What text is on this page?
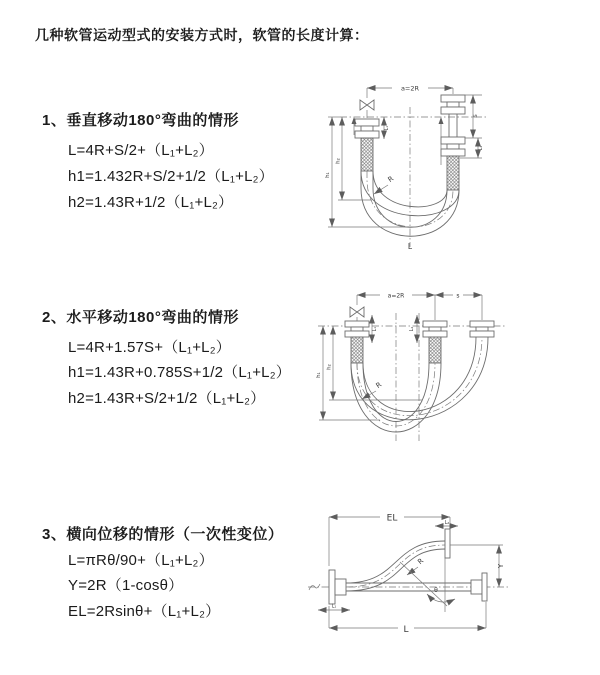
几种软管运动型式的安装方式时，软管的长度计算：
1、垂直移动180°弯曲的情形
L=4R+S/2+（L₁+L₂）
h1=1.432R+S/2+1/2（L₁+L₂）
h2=1.43R+1/2（L₁+L₂）
2、水平移动180°弯曲的情形
L=4R+1.57S+（L₁+L₂）
h1=1.43R+0.785S+1/2（L₁+L₂）
h2=1.43R+S/2+1/2（L₁+L₂）
3、横向位移的情形（一次性变位）
L=πRθ/90+（L₁+L₂）
Y=2R（1-cosθ）
EL=2Rsinθ+（L₁+L₂）
a=2R
h₁
h₂
L₁
S
L₂
R
L
a=2R	s
h₁
h₂
L₁	L₂
R
EL	L₂
Y
L
L₁
R
θ
